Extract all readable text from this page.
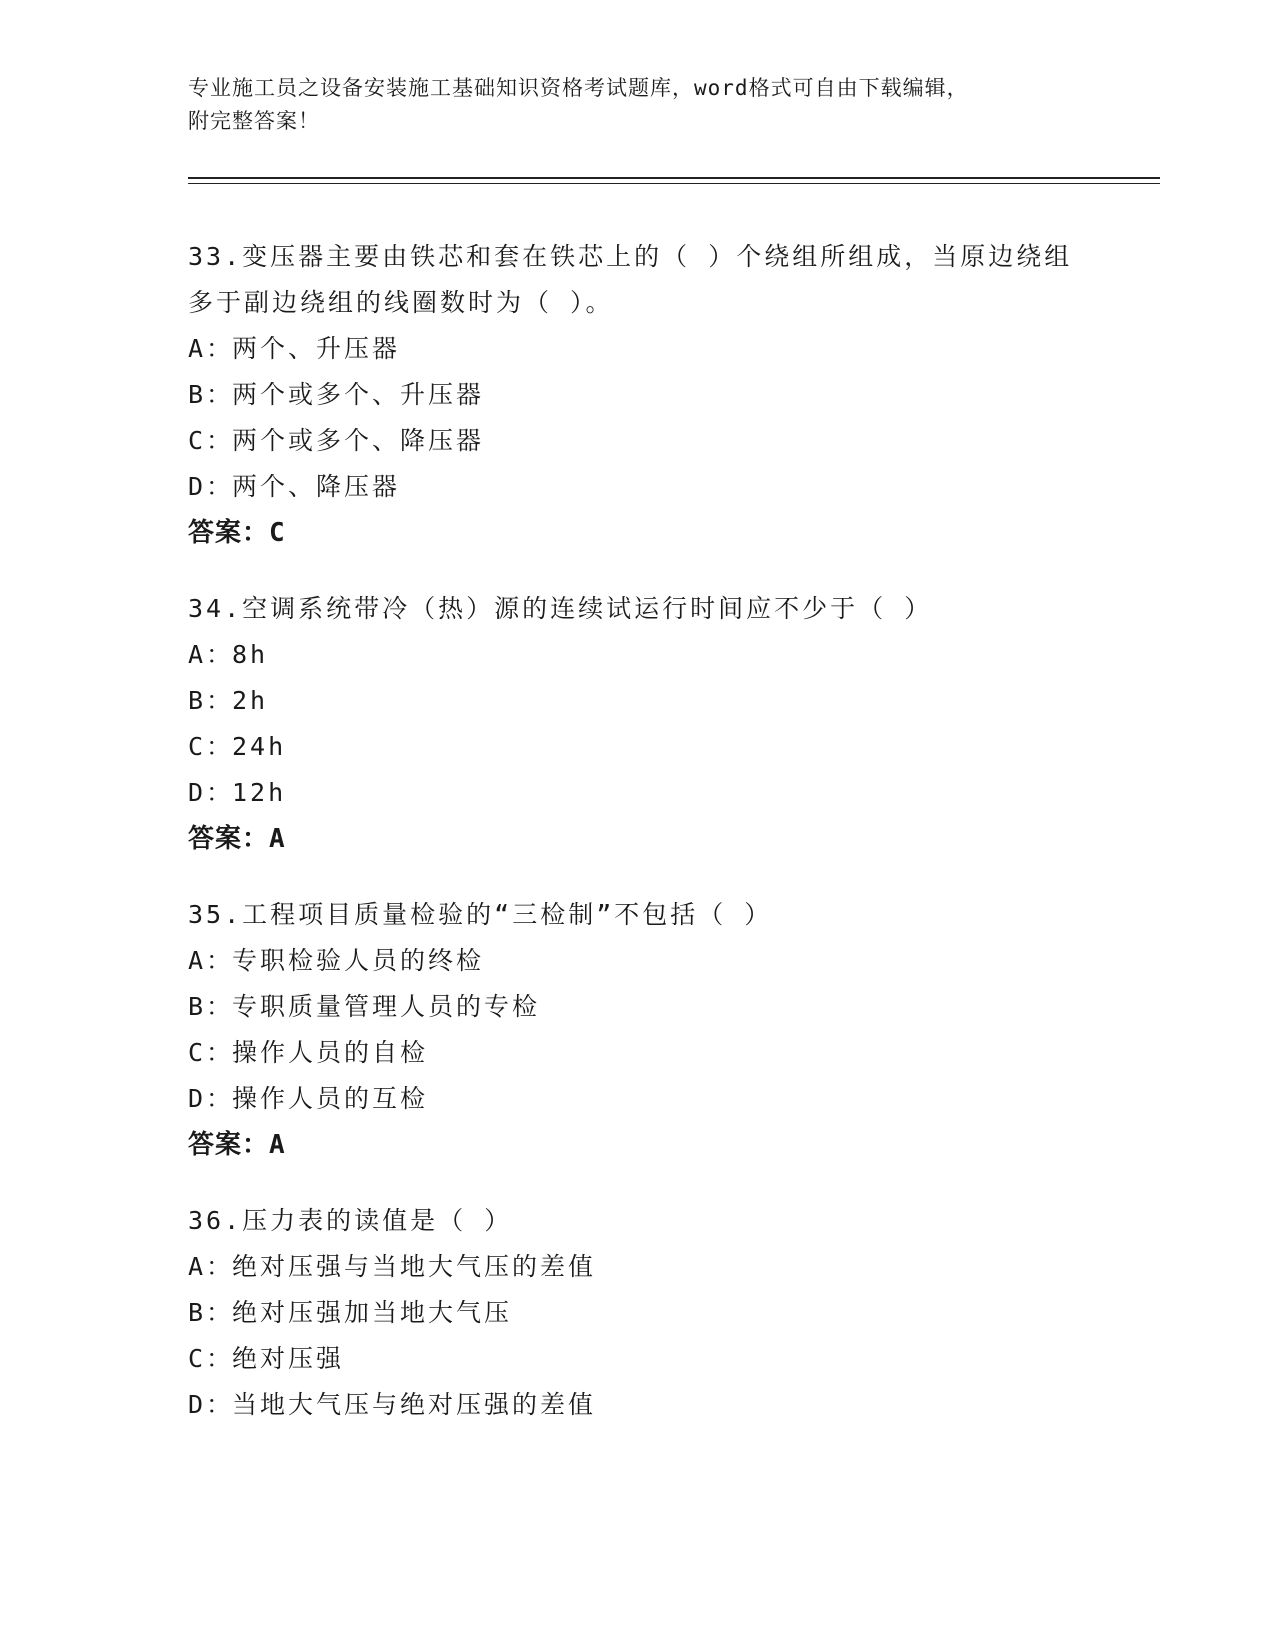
专业施工员之设备安装施工基础知识资格考试题库，word格式可自由下载编辑，
附完整答案！
33.变压器主要由铁芯和套在铁芯上的（ ）个绕组所组成，当原边绕组多于副边绕组的线圈数时为（ ）。
A：两个、升压器
B：两个或多个、升压器
C：两个或多个、降压器
D：两个、降压器
答案：C
34.空调系统带冷（热）源的连续试运行时间应不少于（ ）
A：8h
B：2h
C：24h
D：12h
答案：A
35.工程项目质量检验的“三检制”不包括（ ）
A：专职检验人员的终检
B：专职质量管理人员的专检
C：操作人员的自检
D：操作人员的互检
答案：A
36.压力表的读值是（ ）
A：绝对压强与当地大气压的差值
B：绝对压强加当地大气压
C：绝对压强
D：当地大气压与绝对压强的差值
